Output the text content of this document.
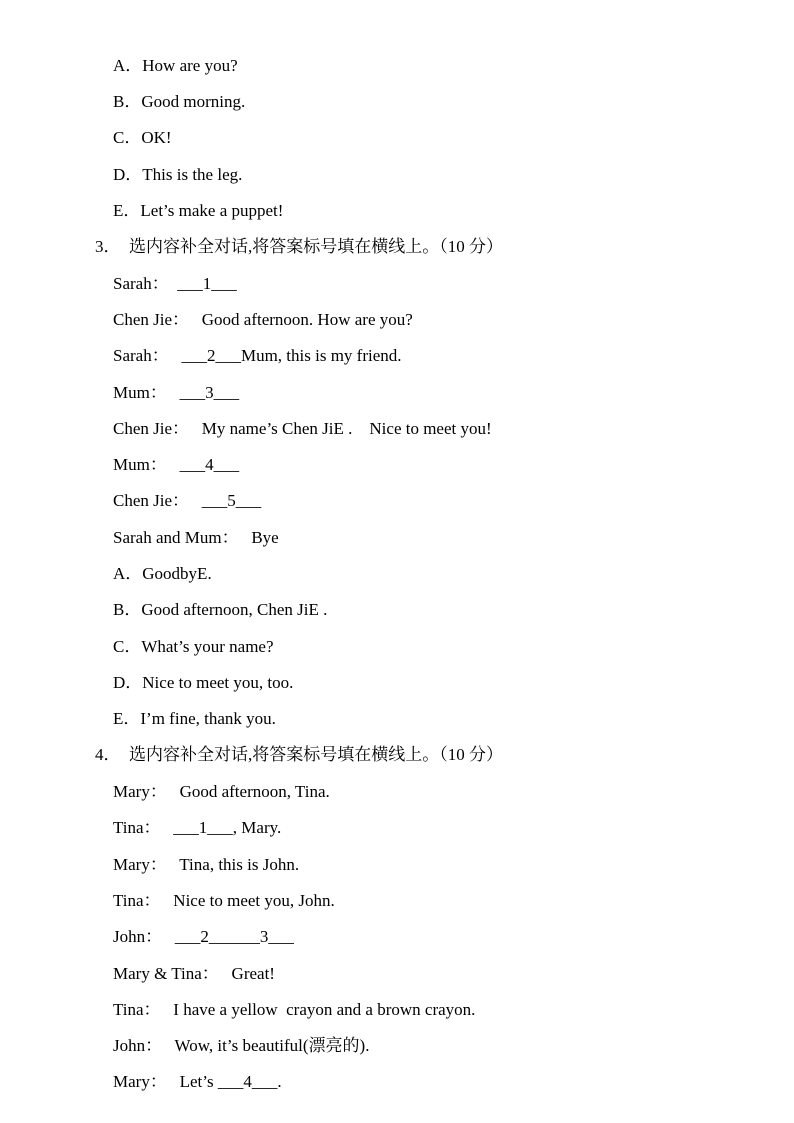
A．How are you?
B．Good morning.
C．OK!
D．This is the leg.
E．Let’s make a puppet!
3．  选内容补全对话,将答案标号填在横线上。（10 分）
Sarah：  ___1___
Chen Jie：   Good afternoon. How are you?
Sarah：   ___2___Mum, this is my friend.
Mum：   ___3___
Chen Jie：   My name’s Chen JiE .    Nice to meet you!
Mum：   ___4___
Chen Jie：   ___5___
Sarah and Mum：   Bye
A．GoodbyE.
B．Good afternoon, Chen JiE .
C．What’s your name?
D．Nice to meet you, too.
E．I’m fine, thank you.
4．  选内容补全对话,将答案标号填在横线上。（10 分）
Mary：   Good afternoon, Tina.
Tina：   ___1___, Mary.
Mary：   Tina, this is John.
Tina：   Nice to meet you, John.
John：   ___2______3___
Mary & Tina：   Great!
Tina：   I have a yellow  crayon and a brown crayon.
John：   Wow, it’s beautiful(漂亮的).
Mary：   Let’s ___4___.
